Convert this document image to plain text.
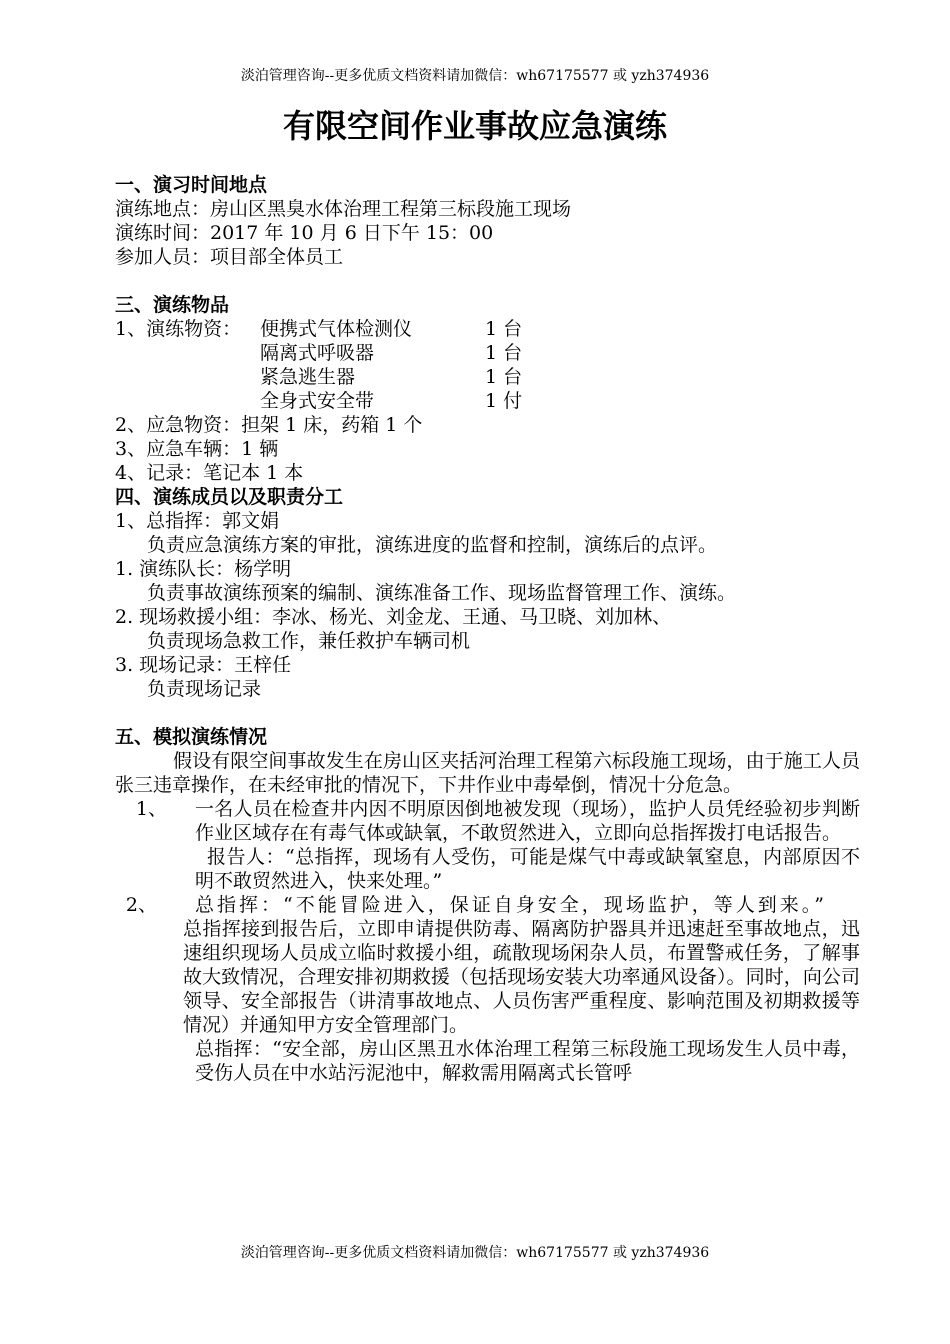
淡泊管理咨询--更多优质文档资料请加微信：wh67175577 或 yzh374936
有限空间作业事故应急演练
一、演习时间地点
演练地点：房山区黑臭水体治理工程第三标段施工现场
演练时间：2017 年 10 月 6 日下午 15：00
参加人员：项目部全体员工
三、演练物品
1、演练物资： 便携式气体检测仪	1 台
隔离式呼吸器	1 台
紧急逃生器	1 台
全身式安全带	1 付
2、应急物资：担架 1 床，药箱 1 个
3、应急车辆：1 辆
4、记录：笔记本 1 本
四、演练成员以及职责分工
1、总指挥：郭文娟
负责应急演练方案的审批，演练进度的监督和控制，演练后的点评。
1. 演练队长：杨学明
负责事故演练预案的编制、演练准备工作、现场监督管理工作、演练。
2. 现场救援小组：李冰、杨光、刘金龙、王通、马卫晓、刘加林、
负责现场急救工作，兼任救护车辆司机
3. 现场记录：王梓任
负责现场记录
五、模拟演练情况
假设有限空间事故发生在房山区夹括河治理工程第六标段施工现场，由于施工人员张三违章操作，在未经审批的情况下，下井作业中毒晕倒，情况十分危急。
1、	一名人员在检查井内因不明原因倒地被发现（现场），监护人员凭经验初步判断作业区域存在有毒气体或缺氧，不敢贸然进入，立即向总指挥拨打电话报告。
报告人：“总指挥，现场有人受伤，可能是煤气中毒或缺氧窒息，内部原因不明不敢贸然进入，快来处理。”
2、	总指挥：“不能冒险进入，保证自身安全，现场监护，等人到来。”
总指挥接到报告后，立即申请提供防毒、隔离防护器具并迅速赶至事故地点，迅速组织现场人员成立临时救援小组，疏散现场闲杂人员，布置警戒任务，了解事故大致情况，合理安排初期救援（包括现场安装大功率通风设备）。同时，向公司领导、安全部报告（讲清事故地点、人员伤害严重程度、影响范围及初期救援等情况）并通知甲方安全管理部门。
总指挥：“安全部，房山区黑丑水体治理工程第三标段施工现场发生人员中毒，受伤人员在中水站污泥池中，解救需用隔离式长管呼
淡泊管理咨询--更多优质文档资料请加微信：wh67175577 或 yzh374936
